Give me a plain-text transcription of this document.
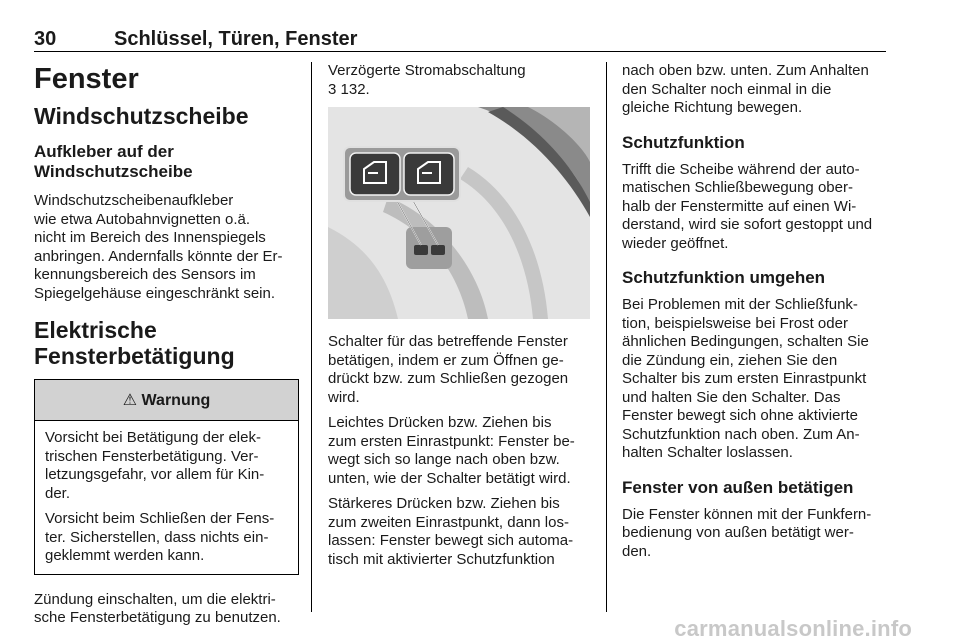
30	Schlüssel, Türen, Fenster
Fenster
Windschutzscheibe
Aufkleber auf der
Windschutzscheibe

Windschutzscheibenaufkleber

wie etwa Autobahnvignetten o.ä.

nicht im Bereich des Innenspiegels

anbringen. Andernfalls könnte der Er-

kennungsbereich des Sensors im

Spiegelgehäuse eingeschränkt sein.

Elektrische
Fensterbetätigung
⚠ Warnung

Vorsicht bei Betätigung der elek-

trischen Fensterbetätigung. Ver-

letzungsgefahr, vor allem für Kin-

der.

Vorsicht beim Schließen der Fens-

ter. Sicherstellen, dass nichts ein-

geklemmt werden kann.

Zündung einschalten, um die elektri-

sche Fensterbetätigung zu benutzen.

Verzögerte Stromabschaltung

3 132.

Schalter für das betreffende Fenster

betätigen, indem er zum Öffnen ge-

drückt bzw. zum Schließen gezogen

wird.

Leichtes Drücken bzw. Ziehen bis

zum ersten Einrastpunkt: Fenster be-

wegt sich so lange nach oben bzw.

unten, wie der Schalter betätigt wird.

Stärkeres Drücken bzw. Ziehen bis

zum zweiten Einrastpunkt, dann los-

lassen: Fenster bewegt sich automa-

tisch mit aktivierter Schutzfunktion

nach oben bzw. unten. Zum Anhalten

den Schalter noch einmal in die

gleiche Richtung bewegen.

Schutzfunktion

Trifft die Scheibe während der auto-

matischen Schließbewegung ober-

halb der Fenstermitte auf einen Wi-

derstand, wird sie sofort gestoppt und

wieder geöffnet.

Schutzfunktion umgehen

Bei Problemen mit der Schließfunk-

tion, beispielsweise bei Frost oder

ähnlichen Bedingungen, schalten Sie

die Zündung ein, ziehen Sie den

Schalter bis zum ersten Einrastpunkt

und halten Sie den Schalter. Das

Fenster bewegt sich ohne aktivierte

Schutzfunktion nach oben. Zum An-

halten Schalter loslassen.

Fenster von außen betätigen

Die Fenster können mit der Funkfern-

bedienung von außen betätigt wer-

den.

carmanualsonline.info
